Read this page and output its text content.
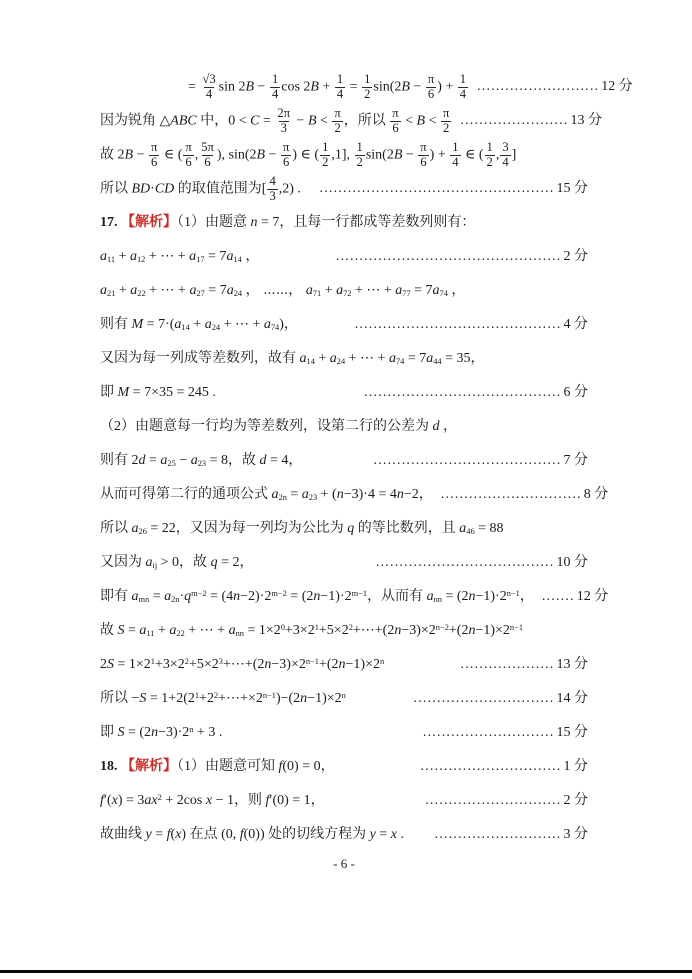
= $\frac{√3}{4}$ $\sin 2B - \frac{1}{4}$ $\cos 2B + \frac{1}{4} = \frac{1}{2} \sin(2B - \frac{\pi}{6}$ ) + $\frac{1}{4}$ .......................... 12 分
因为锐角 △ABC 中，$0 < C = \frac{2\pi}{3} - B < \frac{\pi}{2}$ ，所以 $\frac{\pi}{6} < B < \frac{\pi}{2}$ ....................... 13 分
故 $2B - \frac{\pi}{6}$ ∈ ( $\frac{\pi}{6}$ , $\frac{5\pi}{6}$ ), $\sin(2B - \frac{\pi}{6}$ ) ∈ ( $\frac{1}{2} ,1$], $\frac{1}{2} \sin(2B - \frac{\pi}{6}$ ) + $\frac{1}{4}$ ∈ ( $\frac{1}{2}$ , $\frac{3}{4}$ ]
所以 BD·CD 的取值范围为[ $\frac{4}{3} ,2$) . .................................................. 15 分
17. 【解析】（1）由题意 n = 7，且每一行都成等差数列则有：
$a_{11} + a_{12}$ + ⋯ + $a_{17} = 7a_{14}$ ，	................................................ 2 分
$a_{21} + a_{22}$ + ⋯ + $a_{27} = 7a_{24}$ ， ⋯⋯， $a_{71} + a_{72}$ + ⋯ + $a_{77} = 7a_{74}$ ，
则有 $M = 7\cdot(a_{14} + a_{24}$ + ⋯ + $a_{74}$)，	............................................ 4 分
又因为每一列成等差数列，故有 $a_{14} + a_{24}$ + ⋯ + $a_{74} = 7a_{44} = 35$，
即 M = 7×35 = 245 .	.......................................... 6 分
（2）由题意每一行均为等差数列，设第二行的公差为 d ，
则有 $2d = a_{25} - a_{23} = 8$，故 d = 4，	........................................ 7 分
从而可得第二行的通项公式 $a_{2n} = a_{23} + (n-3)\cdot 4 = 4n-2$， .............................. 8 分
所以 $a_{26} = 22$，又因为每一列均为公比为 q 的等比数列，且 $a_{46} = 88$
又因为 $a_{ij} > 0$，故 q = 2，	...................................... 10 分
即有 $a_{mn} = a_{2n}\cdot q^{m-2} = (4n-2)\cdot 2^{m-2} = (2n-1)\cdot 2^{m-1}$，从而有 $a_{nn} = (2n-1)\cdot 2^{n-1}$， ....... 12 分
故 $S = a_{11} + a_{22}$ + ⋯ + $a_{nn}$ = $1\times 2^0+3\times 2^1+5\times 2^2+\cdots+(2n-3)\times 2^{n-2}+(2n-1)\times 2^{n-1}$
$2S = 1\times 2^1+3\times 2^2+5\times 2^3+\cdots+(2n-3)\times 2^{n-1}+(2n-1)\times 2^n$	.................... 13 分
所以 $-S = 1+2(2^1+2^2+\cdots+\times 2^{n-1})-(2n-1)\times 2^n$	.............................. 14 分
即 $S = (2n-3)\cdot 2^n + 3$ .	............................ 15 分
18. 【解析】（1）由题意可知 f(0) = 0，	.............................. 1 分
$f'(x) = 3ax^2 + 2\cos$ x − 1，则 f′(0) = 1，	............................. 2 分
故曲线 y = f(x) 在点 (0, f(0)) 处的切线方程为 y = x . ........................... 3 分
- 6 -
